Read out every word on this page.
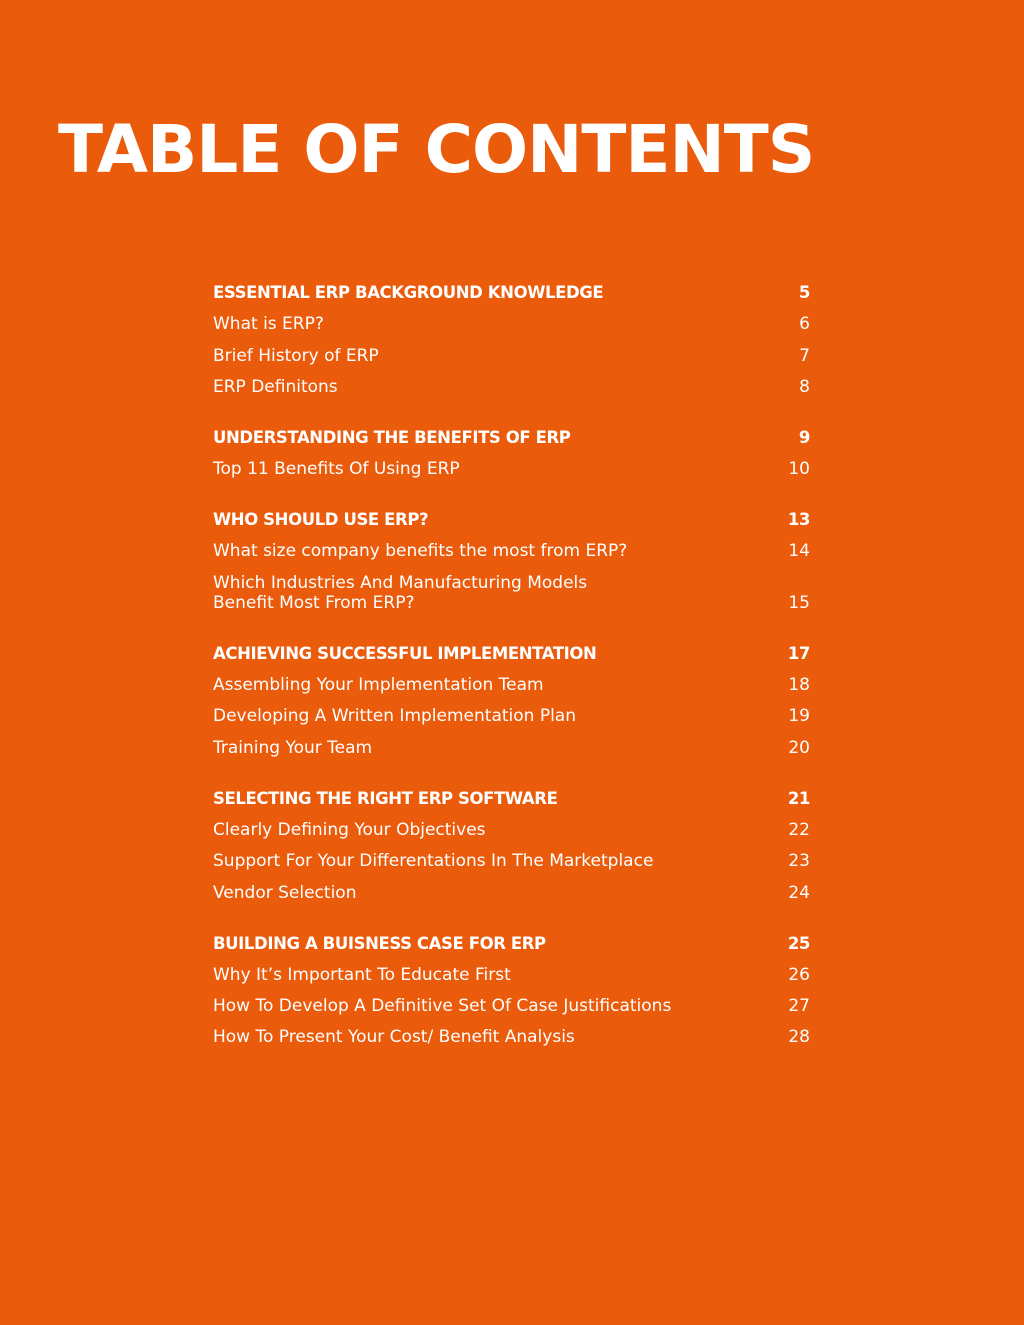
TABLE OF CONTENTS
ESSENTIAL ERP BACKGROUND KNOWLEDGE	5
What is ERP?	6
Brief History of ERP	7
ERP Definitons	8
UNDERSTANDING THE BENEFITS OF ERP	9
Top 11 Benefits Of Using ERP	10
WHO SHOULD USE ERP?	13
What size company benefits the most from ERP?	14
Which Industries And Manufacturing Models
Benefit Most From ERP?	15
ACHIEVING SUCCESSFUL IMPLEMENTATION	17
Assembling Your Implementation Team	18
Developing A Written Implementation Plan	19
Training Your Team	20
SELECTING THE RIGHT ERP SOFTWARE	21
Clearly Defining Your Objectives	22
Support For Your Differentations In The Marketplace	23
Vendor Selection	24
BUILDING A BUISNESS CASE FOR ERP	25
Why It’s Important To Educate First	26
How To Develop A Definitive Set Of Case Justifications	27
How To Present Your Cost/ Benefit Analysis	28
